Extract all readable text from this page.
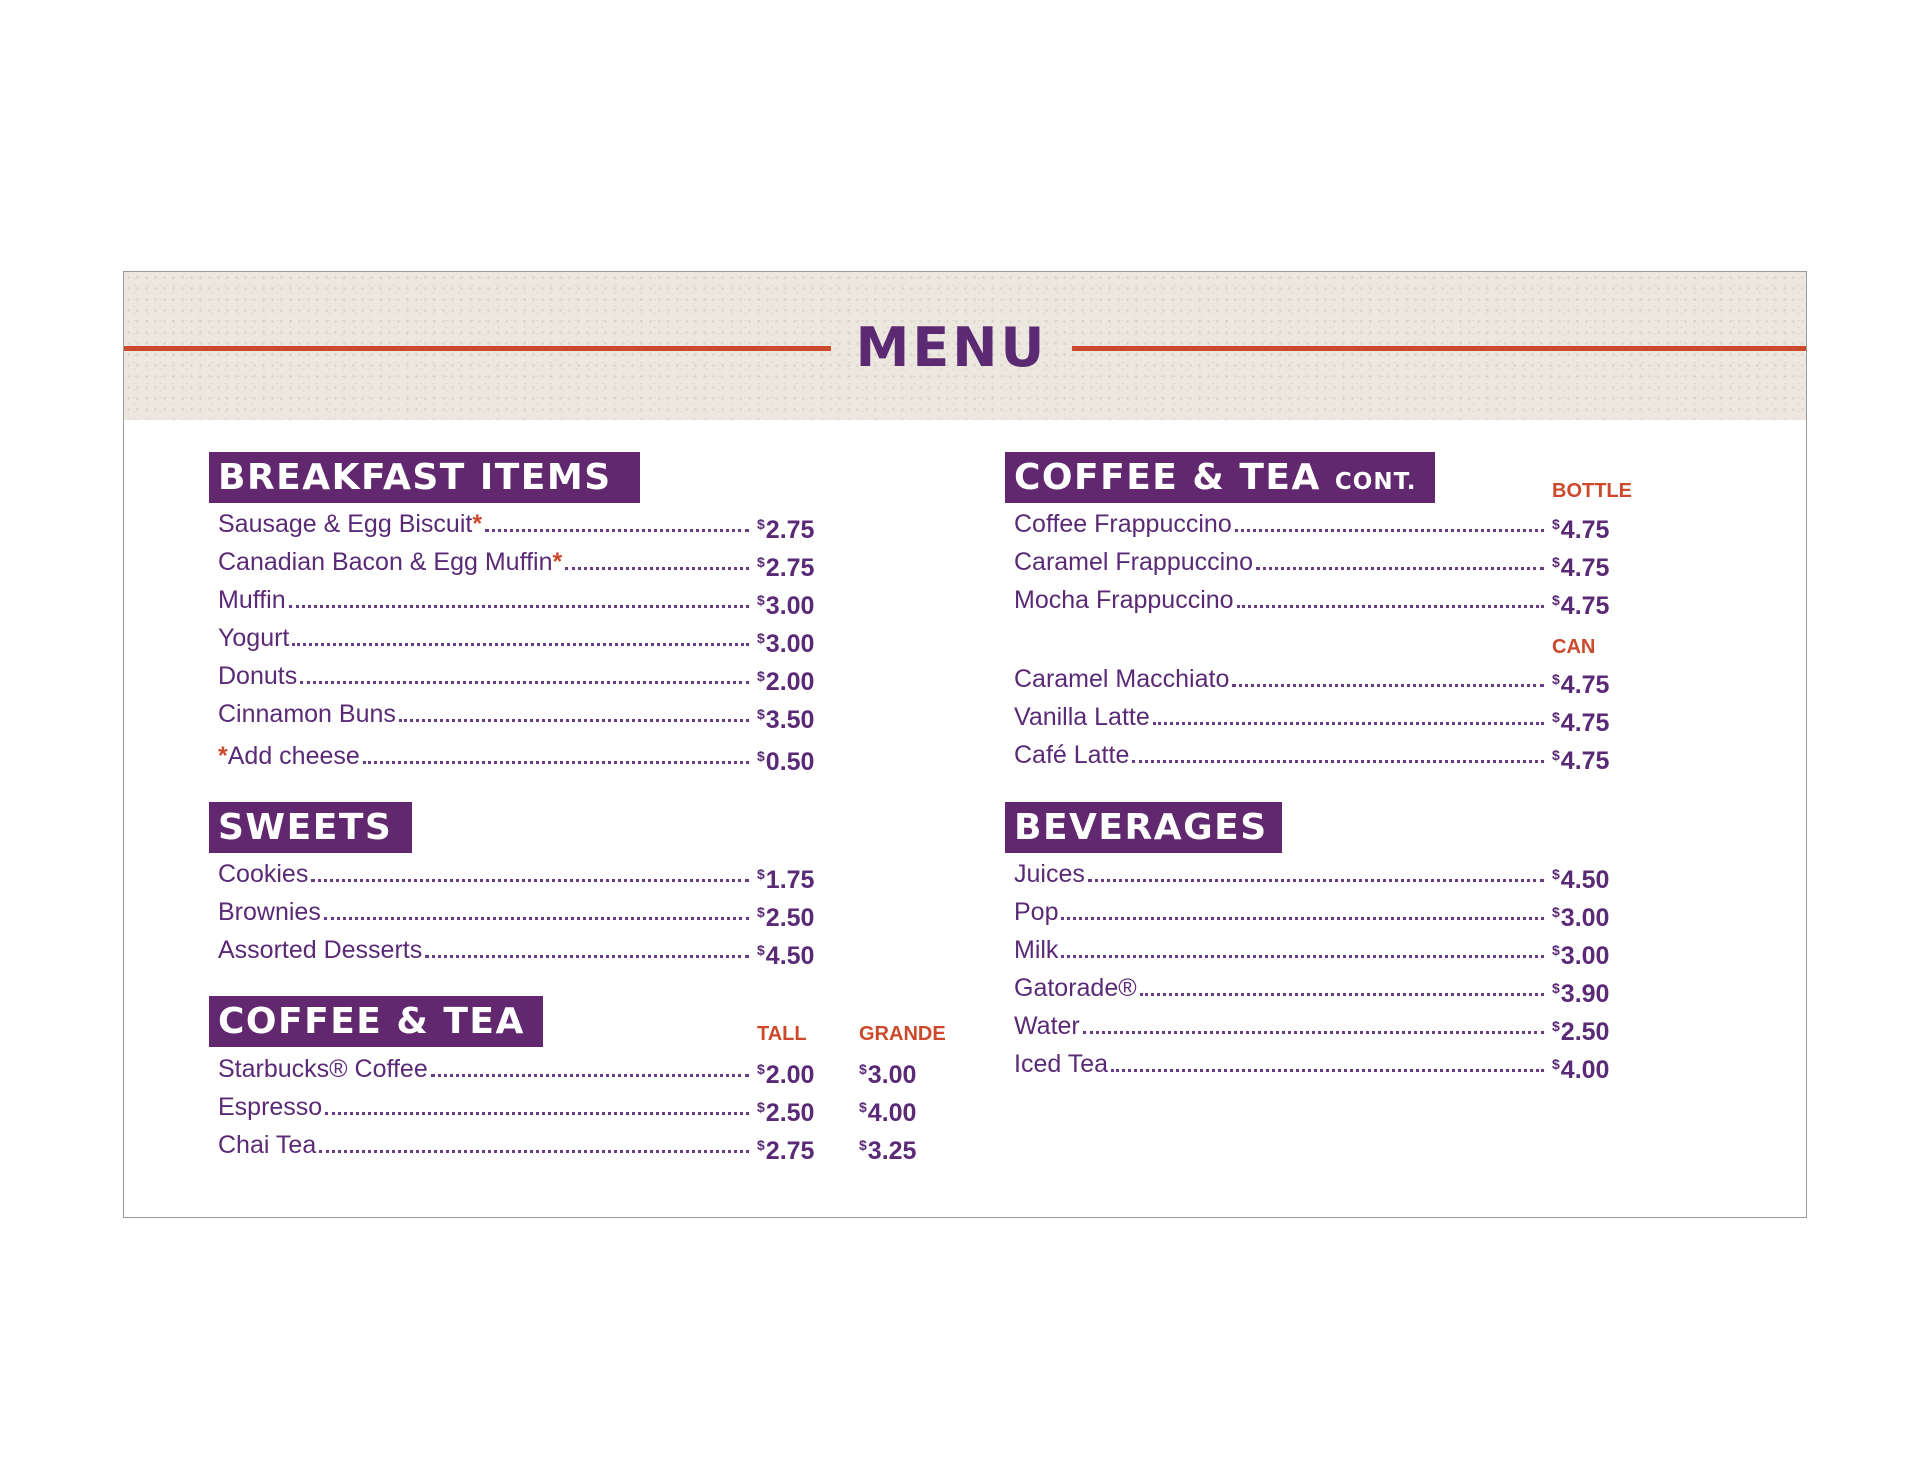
MENU
BREAKFAST ITEMS
SWEETS
COFFEE & TEA
COFFEE & TEA CONT.
BEVERAGES
TALL	GRANDE
BOTTLE
CAN
Sausage & Egg Biscuit*	$2.75
Canadian Bacon & Egg Muffin*	$2.75
Muffin	$3.00
Yogurt	$3.00
Donuts	$2.00
Cinnamon Buns	$3.50
*Add cheese	$0.50
Cookies	$1.75
Brownies	$2.50
Assorted Desserts	$4.50
Starbucks® Coffee	$2.00	$3.00
Espresso	$2.50	$4.00
Chai Tea	$2.75	$3.25
Coffee Frappuccino	$4.75
Caramel Frappuccino	$4.75
Mocha Frappuccino	$4.75
Caramel Macchiato	$4.75
Vanilla Latte	$4.75
Café Latte	$4.75
Juices	$4.50
Pop	$3.00
Milk	$3.00
Gatorade®	$3.90
Water	$2.50
Iced Tea	$4.00
